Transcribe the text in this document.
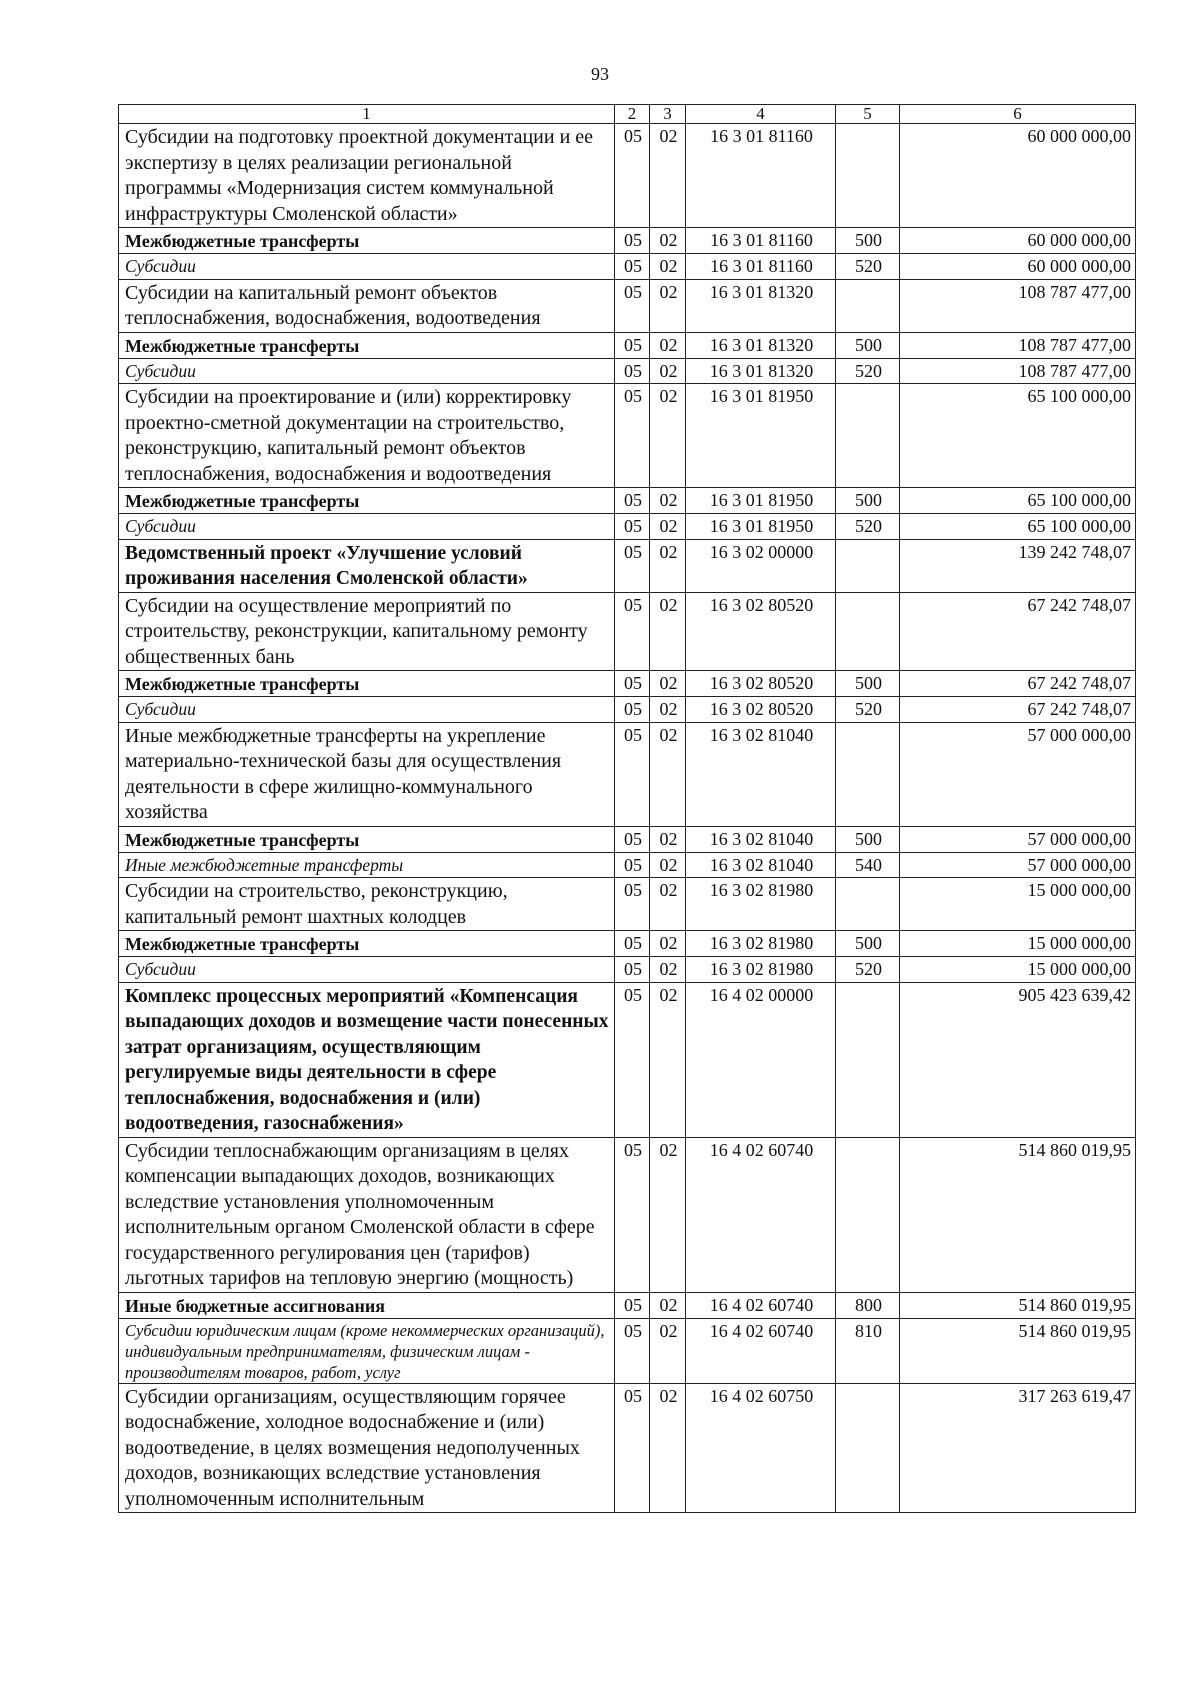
93
1	2	3	4	5	6
Субсидии на подготовку проектной документации и ее экспертизу в целях реализации региональной программы «Модернизация систем коммунальной инфраструктуры Смоленской области»	05	02	16 3 01 81160		60 000 000,00
Межбюджетные трансферты	05	02	16 3 01 81160	500	60 000 000,00
Субсидии	05	02	16 3 01 81160	520	60 000 000,00
Субсидии на капитальный ремонт объектов теплоснабжения, водоснабжения, водоотведения	05	02	16 3 01 81320		108 787 477,00
Межбюджетные трансферты	05	02	16 3 01 81320	500	108 787 477,00
Субсидии	05	02	16 3 01 81320	520	108 787 477,00
Субсидии на проектирование и (или) корректировку проектно-сметной документации на строительство, реконструкцию, капитальный ремонт объектов теплоснабжения, водоснабжения и водоотведения	05	02	16 3 01 81950		65 100 000,00
Межбюджетные трансферты	05	02	16 3 01 81950	500	65 100 000,00
Субсидии	05	02	16 3 01 81950	520	65 100 000,00
Ведомственный проект «Улучшение условий проживания населения Смоленской области»	05	02	16 3 02 00000		139 242 748,07
Субсидии на осуществление мероприятий по строительству, реконструкции, капитальному ремонту общественных бань	05	02	16 3 02 80520		67 242 748,07
Межбюджетные трансферты	05	02	16 3 02 80520	500	67 242 748,07
Субсидии	05	02	16 3 02 80520	520	67 242 748,07
Иные межбюджетные трансферты на укрепление материально-технической базы для осуществления деятельности в сфере жилищно-коммунального хозяйства	05	02	16 3 02 81040		57 000 000,00
Межбюджетные трансферты	05	02	16 3 02 81040	500	57 000 000,00
Иные межбюджетные трансферты	05	02	16 3 02 81040	540	57 000 000,00
Субсидии на строительство, реконструкцию, капитальный ремонт шахтных колодцев	05	02	16 3 02 81980		15 000 000,00
Межбюджетные трансферты	05	02	16 3 02 81980	500	15 000 000,00
Субсидии	05	02	16 3 02 81980	520	15 000 000,00
Комплекс процессных мероприятий «Компенсация выпадающих доходов и возмещение части понесенных затрат организациям, осуществляющим регулируемые виды деятельности в сфере теплоснабжения, водоснабжения и (или) водоотведения, газоснабжения»	05	02	16 4 02 00000		905 423 639,42
Субсидии теплоснабжающим организациям в целях компенсации выпадающих доходов, возникающих вследствие установления уполномоченным исполнительным органом Смоленской области в сфере государственного регулирования цен (тарифов) льготных тарифов на тепловую энергию (мощность)	05	02	16 4 02 60740		514 860 019,95
Иные бюджетные ассигнования	05	02	16 4 02 60740	800	514 860 019,95
Субсидии юридическим лицам (кроме некоммерческих организаций), индивидуальным предпринимателям, физическим лицам - производителям товаров, работ, услуг	05	02	16 4 02 60740	810	514 860 019,95
Субсидии организациям, осуществляющим горячее водоснабжение, холодное водоснабжение и (или) водоотведение, в целях возмещения недополученных доходов, возникающих вследствие установления уполномоченным исполнительным	05	02	16 4 02 60750		317 263 619,47
